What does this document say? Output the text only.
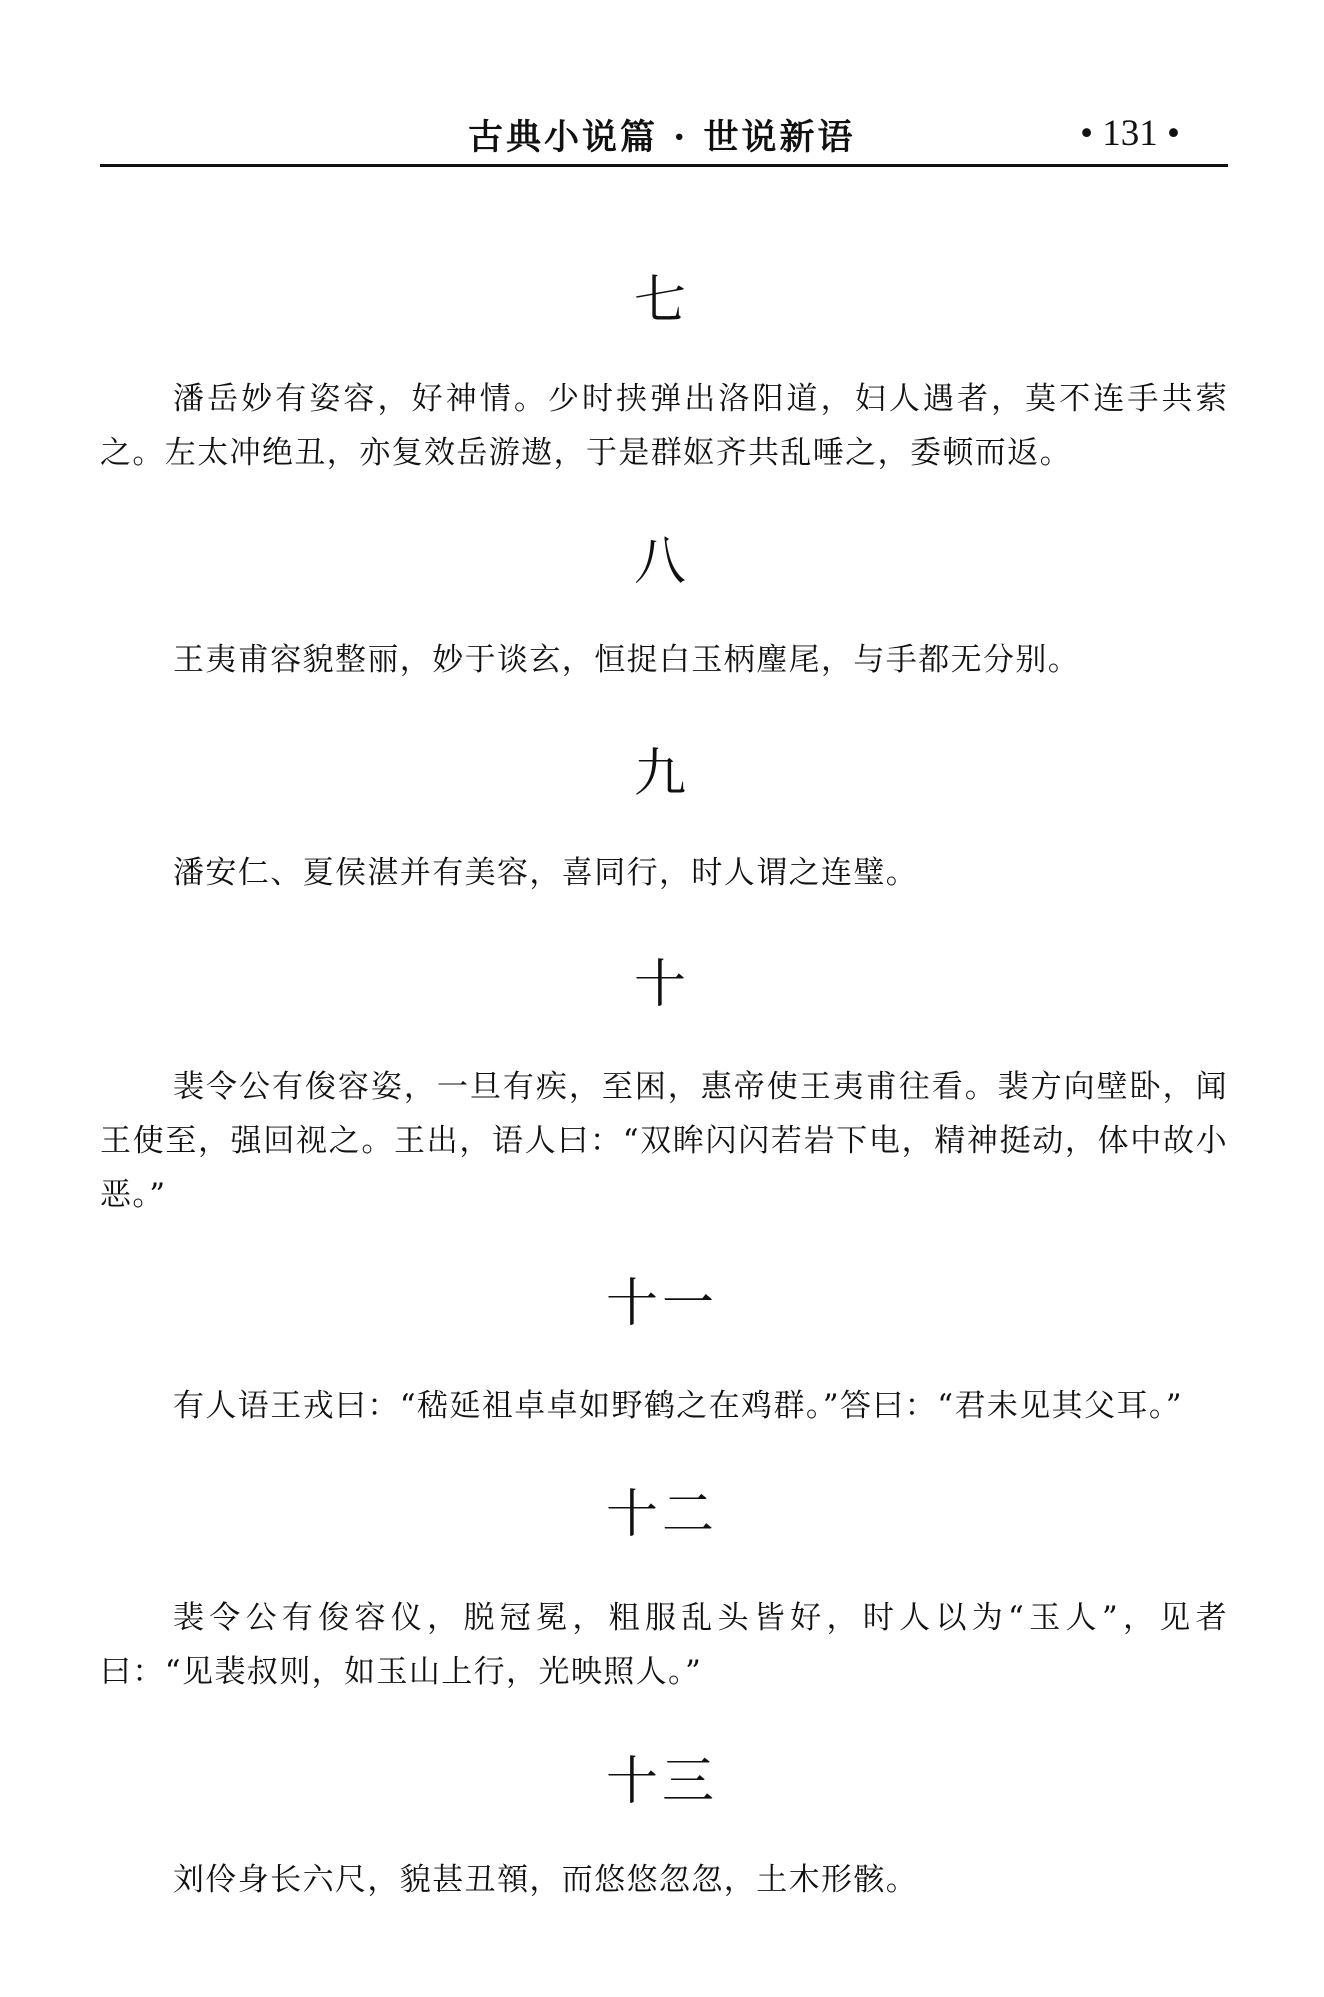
古典小说篇 · 世说新语	• 131 •
七

潘岳妙有姿容，好神情。少时挟弹出洛阳道，妇人遇者，莫不连手共萦之。左太冲绝丑，亦复效岳游遨，于是群妪齐共乱唾之，委顿而返。

八

王夷甫容貌整丽，妙于谈玄，恒捉白玉柄麈尾，与手都无分别。

九

潘安仁、夏侯湛并有美容，喜同行，时人谓之连璧。

十

裴令公有俊容姿，一旦有疾，至困，惠帝使王夷甫往看。裴方向壁卧，闻王使至，强回视之。王出，语人曰：“双眸闪闪若岩下电，精神挺动，体中故小恶。”

十一

有人语王戎曰：“嵇延祖卓卓如野鹤之在鸡群。”答曰：“君未见其父耳。”

十二

裴令公有俊容仪，脱冠冕，粗服乱头皆好，时人以为“玉人”，见者曰：“见裴叔则，如玉山上行，光映照人。”

十三

刘伶身长六尺，貌甚丑顇，而悠悠忽忽，土木形骸。
